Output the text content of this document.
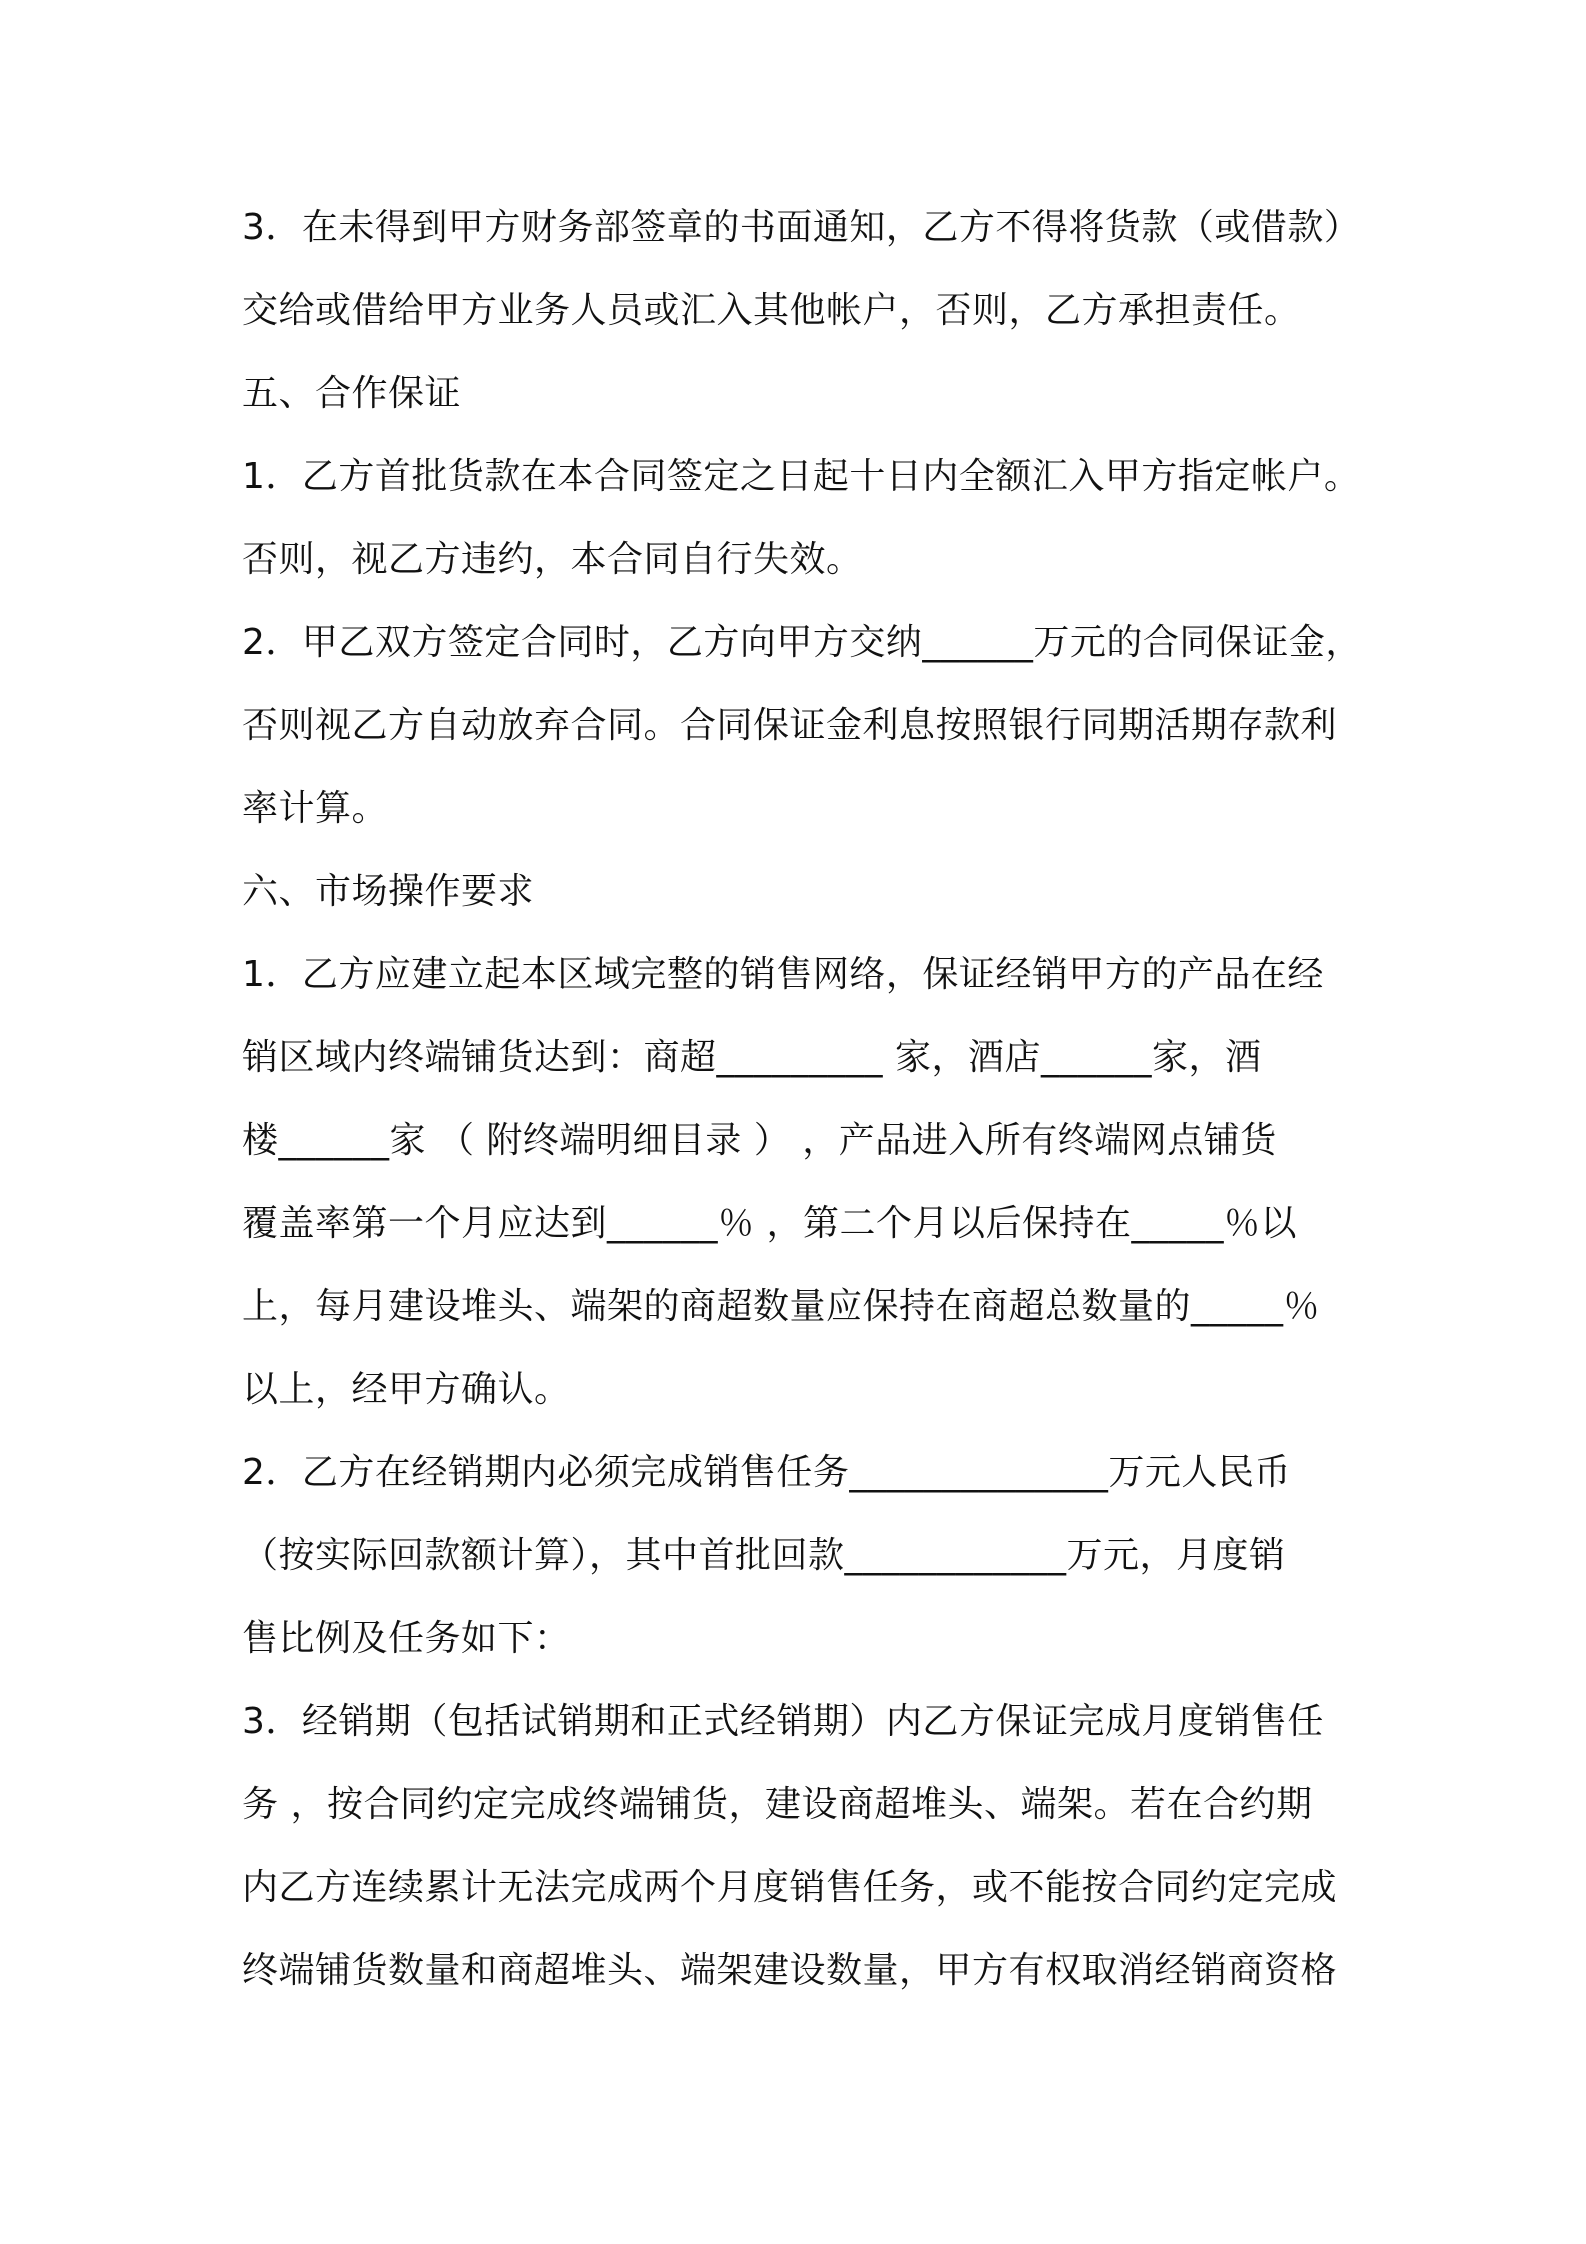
3．在未得到甲方财务部签章的书面通知，乙方不得将货款（或借款）

交给或借给甲方业务人员或汇入其他帐户，否则，乙方承担责任。

五、合作保证

1．乙方首批货款在本合同签定之日起十日内全额汇入甲方指定帐户。

否则，视乙方违约，本合同自行失效。

2．甲乙双方签定合同时，乙方向甲方交纳______万元的合同保证金，

否则视乙方自动放弃合同。合同保证金利息按照银行同期活期存款利

率计算。

六、市场操作要求

1．乙方应建立起本区域完整的销售网络，保证经销甲方的产品在经

销区域内终端铺货达到：商超_________ 家，酒店______家，酒

楼______家 （ 附终端明细目录 ） ，产品进入所有终端网点铺货

覆盖率第一个月应达到______％ ，第二个月以后保持在_____％以

上，每月建设堆头、端架的商超数量应保持在商超总数量的_____％

以上，经甲方确认。

2．乙方在经销期内必须完成销售任务______________万元人民币

（按实际回款额计算），其中首批回款____________万元，月度销

售比例及任务如下：

3．经销期（包括试销期和正式经销期）内乙方保证完成月度销售任

务 ，按合同约定完成终端铺货，建设商超堆头、端架。若在合约期

内乙方连续累计无法完成两个月度销售任务，或不能按合同约定完成

终端铺货数量和商超堆头、端架建设数量，甲方有权取消经销商资格
